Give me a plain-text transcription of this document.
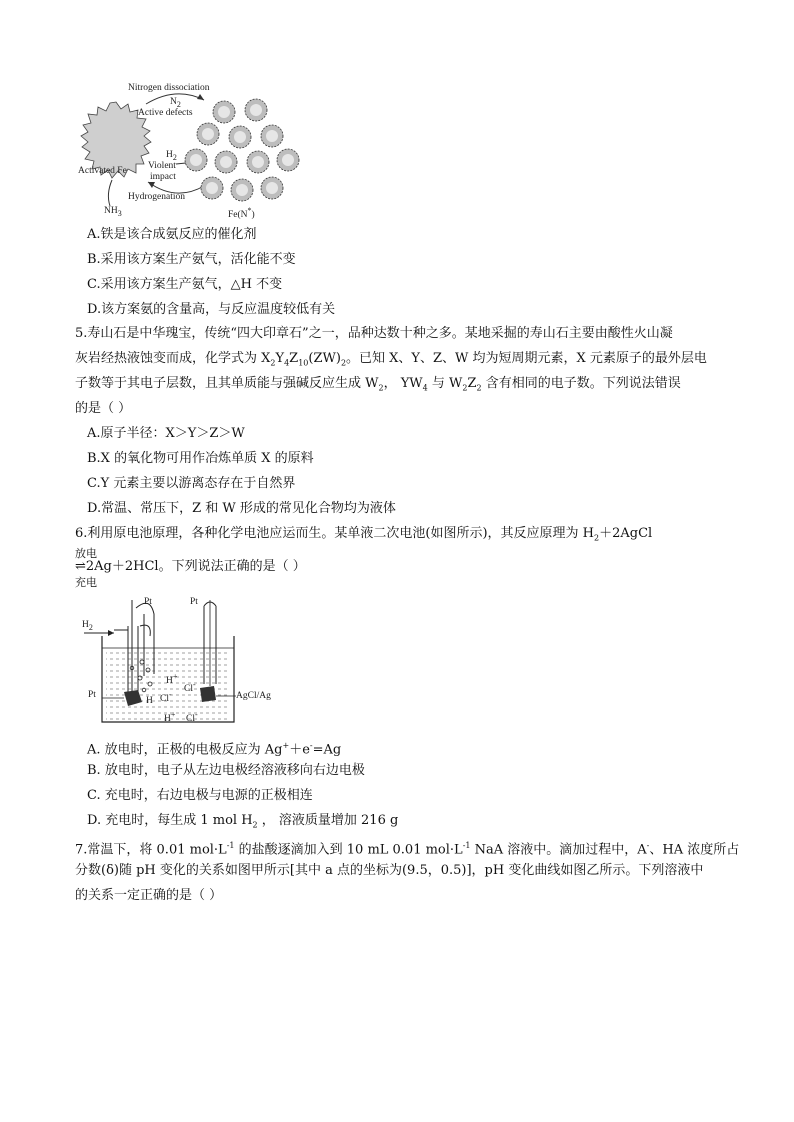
Nitrogen dissociation
$N_2$
Active defects
$H_2$
Violent
impact
Activated Fe
Hydrogenation
$NH_3$	Fe(N*)
A.铁是该合成氨反应的催化剂
B.采用该方案生产氨气，活化能不变
C.采用该方案生产氨气，△H 不变
D.该方案氨的含量高，与反应温度较低有关
5.寿山石是中华瑰宝，传统“四大印章石”之一，品种达数十种之多。某地采掘的寿山石主要由酸性火山凝
灰岩经热液蚀变而成，化学式为 $X_2Y_4Z_{10}(ZW)_2$。已知 X、Y、Z、W 均为短周期元素，X 元素原子的最外层电
子数等于其电子层数，且其单质能与强碱反应生成 $W_2$， $YW_4$ 与 $W_2Z_2$ 含有相同的电子数。下列说法错误
的是（ ）
A.原子半径：X＞Y＞Z＞W
B.X 的氧化物可用作冶炼单质 X 的原料
C.Y 元素主要以游离态存在于自然界
D.常温、常压下，Z 和 W 形成的常见化合物均为液体
6.利用原电池原理，各种化学电池应运而生。某单液二次电池(如图所示)，其反应原理为 $H_2+2AgCl$
放电
⇌2Ag＋2HCl。下列说法正确的是（ ）
充电
Pt	Pt
$H_2$
Pt	AgCl/Ag
H+
H+
Cl-
Cl-
Cl-
H
A. 放电时，正极的电极反应为 Ag+＋e-=Ag
B. 放电时，电子从左边电极经溶液移向右边电极
C. 充电时，右边电极与电源的正极相连
D. 充电时，每生成 1 mol $H_2$ ， 溶液质量增加 216 g
7.常温下，将 0.01 $mol\cdot L^{-1}$ 的盐酸逐滴加入到 10 mL 0.01 $mol\cdot L^{-1}$ NaA 溶液中。滴加过程中，A-、HA 浓度所占
分数(δ)随 pH 变化的关系如图甲所示[其中 a 点的坐标为(9.5，0.5)]，pH 变化曲线如图乙所示。下列溶液中
的关系一定正确的是（ ）
